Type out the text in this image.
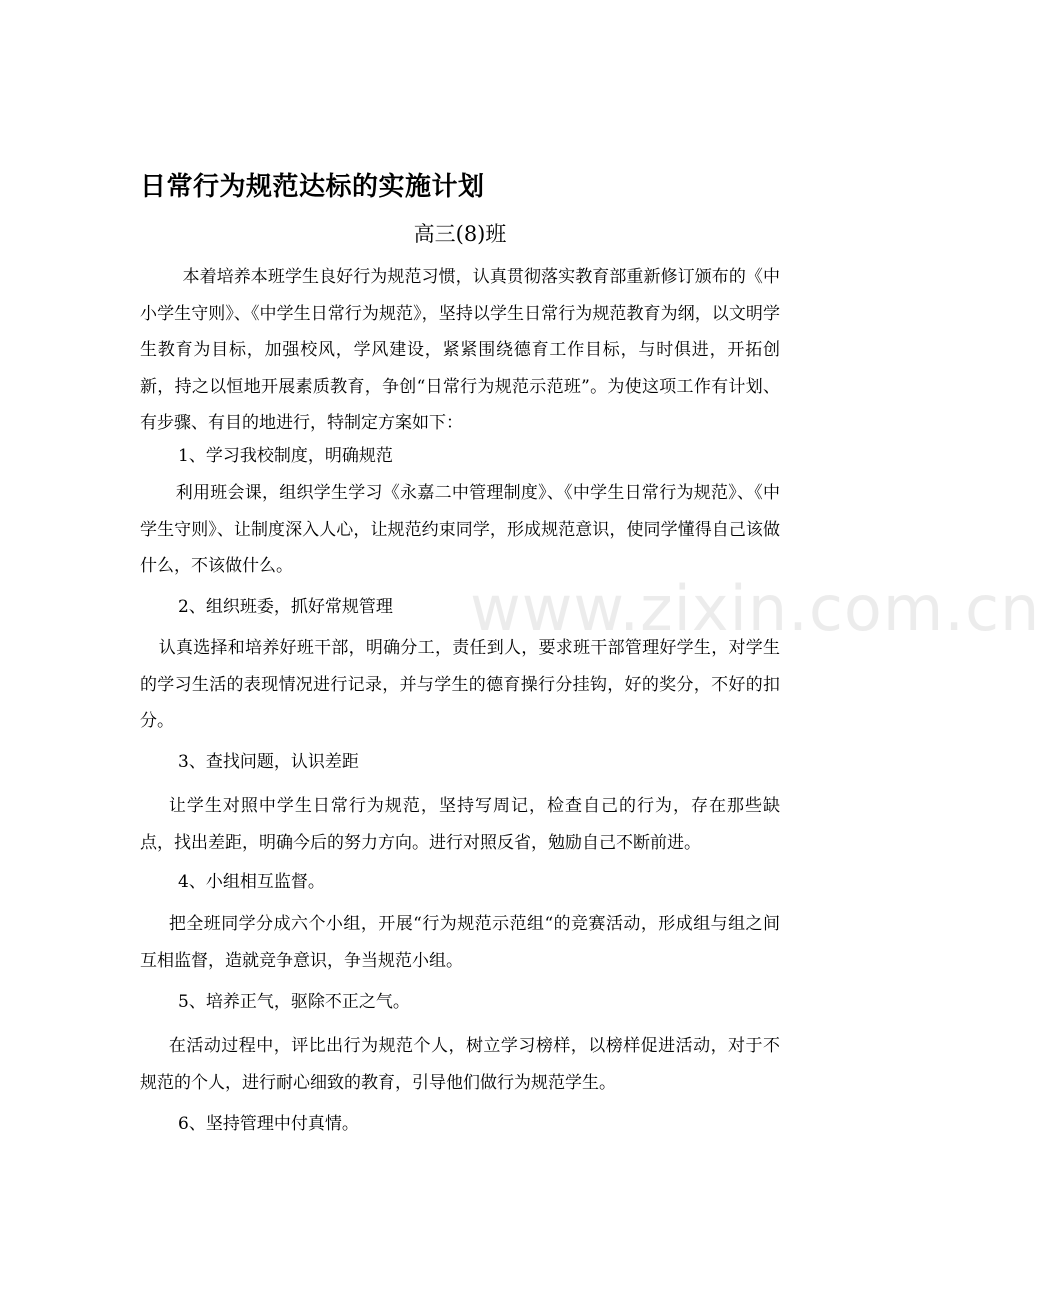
www.zixin.com.cn
日常行为规范达标的实施计划
高三(8)班

本着培养本班学生良好行为规范习惯，认真贯彻落实教育部重新修订颁布的《中小学生守则》、《中学生日常行为规范》，坚持以学生日常行为规范教育为纲，以文明学生教育为目标，加强校风，学风建设，紧紧围绕德育工作目标，与时俱进，开拓创新，持之以恒地开展素质教育，争创“日常行为规范示范班”。为使这项工作有计划、有步骤、有目的地进行，特制定方案如下：

1、学习我校制度，明确规范

利用班会课，组织学生学习《永嘉二中管理制度》、《中学生日常行为规范》、《中学生守则》、让制度深入人心，让规范约束同学，形成规范意识，使同学懂得自己该做什么，不该做什么。

2、组织班委，抓好常规管理

认真选择和培养好班干部，明确分工，责任到人，要求班干部管理好学生，对学生的学习生活的表现情况进行记录，并与学生的德育操行分挂钩，好的奖分，不好的扣分。

3、查找问题，认识差距

让学生对照中学生日常行为规范，坚持写周记，检查自己的行为，存在那些缺点，找出差距，明确今后的努力方向。进行对照反省，勉励自己不断前进。

4、小组相互监督。

把全班同学分成六个小组，开展“行为规范示范组“的竞赛活动，形成组与组之间互相监督，造就竞争意识，争当规范小组。

5、培养正气，驱除不正之气。

在活动过程中，评比出行为规范个人，树立学习榜样，以榜样促进活动，对于不规范的个人，进行耐心细致的教育，引导他们做行为规范学生。

6、坚持管理中付真情。
